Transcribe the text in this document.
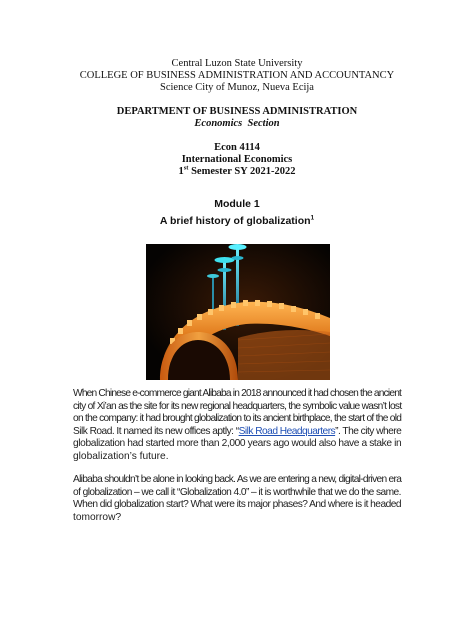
Central Luzon State University
COLLEGE OF BUSINESS ADMINISTRATION AND ACCOUNTANCY
Science City of Munoz, Nueva Ecija
DEPARTMENT OF BUSINESS ADMINISTRATION
Economics  Section
Econ 4114
International Economics
1st Semester SY 2021-2022
Module 1
A brief history of globalization$^1$
When Chinese e-commerce giant Alibaba in 2018 announced it had chosen the ancient
city of Xi’an as the site for its new regional headquarters, the symbolic value wasn’t lost
on the company: it had brought globalization to its ancient birthplace, the start of the old
Silk Road. It named its new offices aptly: “Silk Road Headquarters”. The city where
globalization had started more than 2,000 years ago would also have a stake in
globalization’s future.
Alibaba shouldn’t be alone in looking back. As we are entering a new, digital-driven era
of globalization – we call it “Globalization 4.0” – it is worthwhile that we do the same.
When did globalization start? What were its major phases? And where is it headed
tomorrow?
